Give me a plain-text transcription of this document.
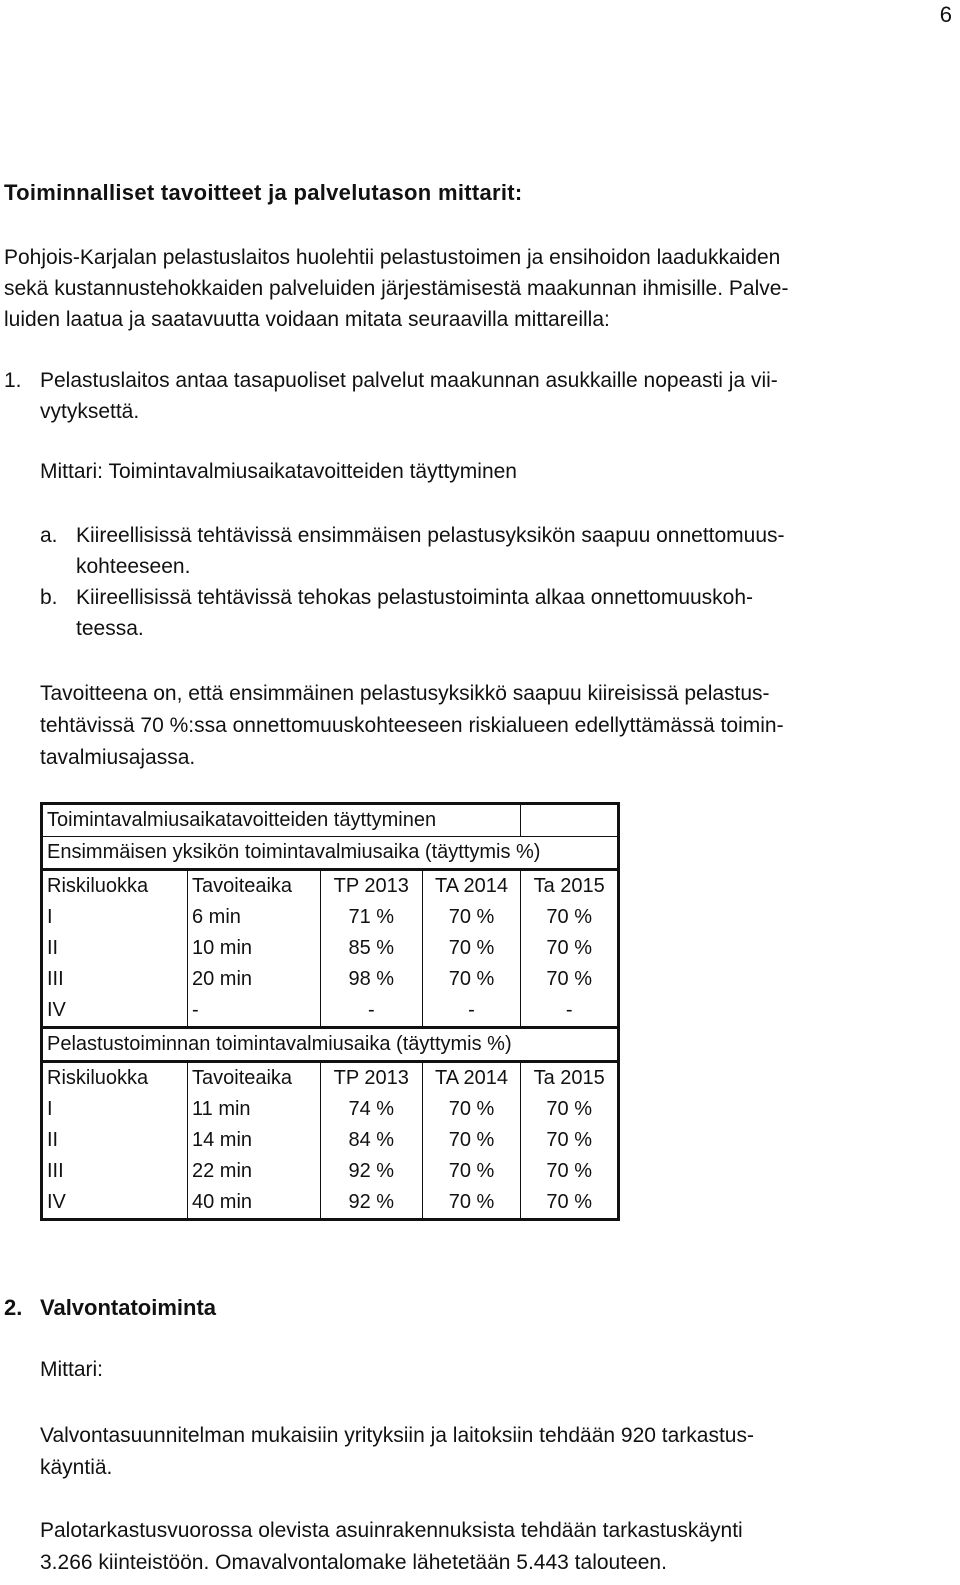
6
Toiminnalliset tavoitteet ja palvelutason mittarit:

Pohjois-Karjalan pelastuslaitos huolehtii pelastustoimen ja ensihoidon laadukkaiden

sekä kustannustehokkaiden palveluiden järjestämisestä maakunnan ihmisille. Palve-

luiden laatua ja saatavuutta voidaan mitata seuraavilla mittareilla:

1. Pelastuslaitos antaa tasapuoliset palvelut maakunnan asukkaille nopeasti ja vii-
vytyksettä.
Mittari: Toimintavalmiusaikatavoitteiden täyttyminen
a. Kiireellisissä tehtävissä ensimmäisen pelastusyksikön saapuu onnettomuus-
kohteeseen.
b. Kiireellisissä tehtävissä tehokas pelastustoiminta alkaa onnettomuuskoh-
teessa.
Tavoitteena on, että ensimmäinen pelastusyksikkö saapuu kiireisissä pelastus-
tehtävissä 70 %:ssa onnettomuuskohteeseen riskialueen edellyttämässä toimin-
tavalmiusajassa.
Toimintavalmiusaikatavoitteiden täyttyminen				
Ensimmäisen yksikön toimintavalmiusaika (täyttymis %)				
Riskiluokka	Tavoiteaika	TP 2013	TA 2014	Ta 2015
I	6 min	71 %	70 %	70 %
II	10 min	85 %	70 %	70 %
III	20 min	98 %	70 %	70 %
IV	-	-	-	-
Pelastustoiminnan toimintavalmiusaika (täyttymis %)				
Riskiluokka	Tavoiteaika	TP 2013	TA 2014	Ta 2015
I	11 min	74 %	70 %	70 %
II	14 min	84 %	70 %	70 %
III	22 min	92 %	70 %	70 %
IV	40 min	92 %	70 %	70 %
2. Valvontatoiminta
Mittari:
Valvontasuunnitelman mukaisiin yrityksiin ja laitoksiin tehdään 920 tarkastus-
käyntiä.
Palotarkastusvuorossa olevista asuinrakennuksista tehdään tarkastuskäynti
3.266 kiinteistöön. Omavalvontalomake lähetetään 5.443 talouteen.
